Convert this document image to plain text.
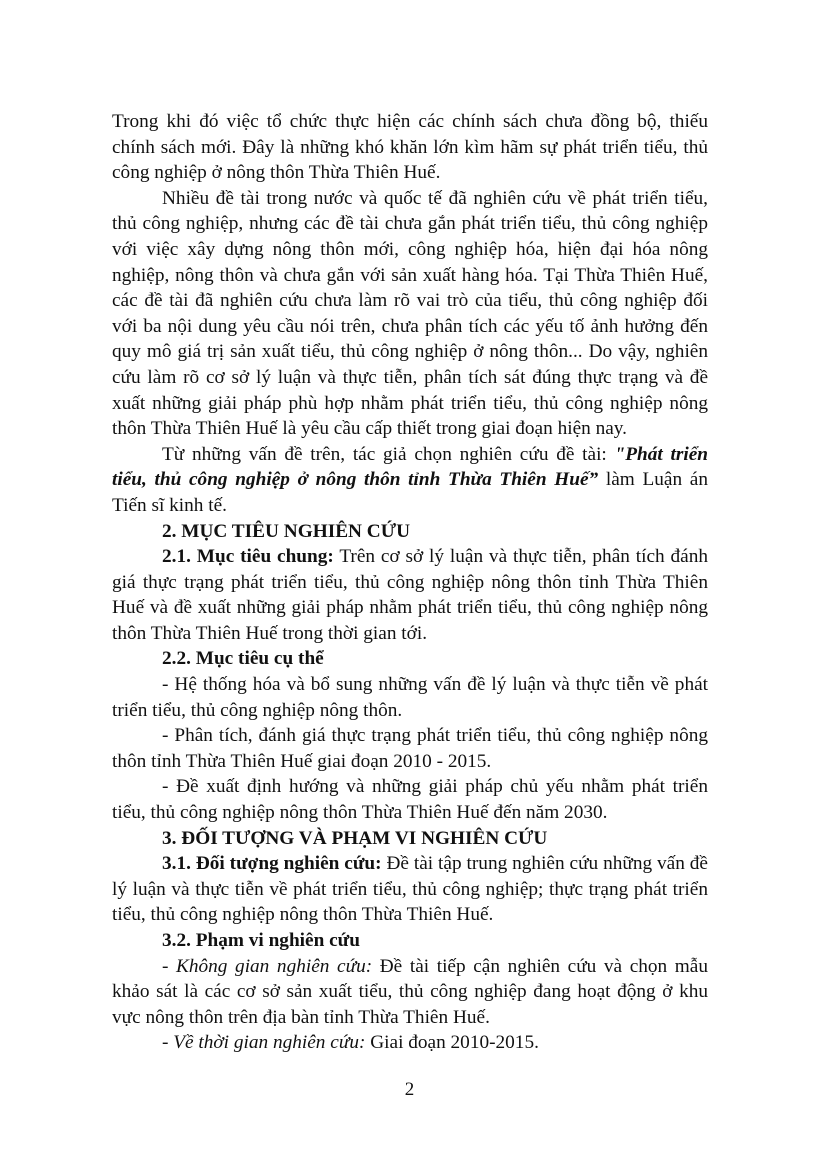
Trong khi đó việc tổ chức thực hiện các chính sách chưa đồng bộ, thiếu chính sách mới. Đây là những khó khăn lớn kìm hãm sự phát triển tiểu, thủ công nghiệp ở nông thôn Thừa Thiên Huế.

Nhiều đề tài trong nước và quốc tế đã nghiên cứu về phát triển tiểu, thủ công nghiệp, nhưng các đề tài chưa gắn phát triển tiểu, thủ công nghiệp với việc xây dựng nông thôn mới, công nghiệp hóa, hiện đại hóa nông nghiệp, nông thôn và chưa gắn với sản xuất hàng hóa. Tại Thừa Thiên Huế, các đề tài đã nghiên cứu chưa làm rõ vai trò của tiểu, thủ công nghiệp đối với ba nội dung yêu cầu nói trên, chưa phân tích các yếu tố ảnh hưởng đến quy mô giá trị sản xuất tiểu, thủ công nghiệp ở nông thôn... Do vậy, nghiên cứu làm rõ cơ sở lý luận và thực tiễn, phân tích sát đúng thực trạng và đề xuất những giải pháp phù hợp nhằm phát triển tiểu, thủ công nghiệp nông thôn Thừa Thiên Huế là yêu cầu cấp thiết trong giai đoạn hiện nay.

Từ những vấn đề trên, tác giả chọn nghiên cứu đề tài: "Phát triển tiểu, thủ công nghiệp ở nông thôn tỉnh Thừa Thiên Huế” làm Luận án Tiến sĩ kinh tế.

2. MỤC TIÊU NGHIÊN CỨU

2.1. Mục tiêu chung: Trên cơ sở lý luận và thực tiễn, phân tích đánh giá thực trạng phát triển tiểu, thủ công nghiệp nông thôn tỉnh Thừa Thiên Huế và đề xuất những giải pháp nhằm phát triển tiểu, thủ công nghiệp nông thôn Thừa Thiên Huế trong thời gian tới.

2.2. Mục tiêu cụ thể

- Hệ thống hóa và bổ sung những vấn đề lý luận và thực tiễn về phát triển tiểu, thủ công nghiệp nông thôn.

- Phân tích, đánh giá thực trạng phát triển tiểu, thủ công nghiệp nông thôn tỉnh Thừa Thiên Huế giai đoạn 2010 - 2015.

- Đề xuất định hướng và những giải pháp chủ yếu nhằm phát triển tiểu, thủ công nghiệp nông thôn Thừa Thiên Huế đến năm 2030.

3. ĐỐI TƯỢNG VÀ PHẠM VI NGHIÊN CỨU

3.1. Đối tượng nghiên cứu: Đề tài tập trung nghiên cứu những vấn đề lý luận và thực tiễn về phát triển tiểu, thủ công nghiệp; thực trạng phát triển tiểu, thủ công nghiệp nông thôn Thừa Thiên Huế.

3.2. Phạm vi nghiên cứu

- Không gian nghiên cứu: Đề tài tiếp cận nghiên cứu và chọn mẫu khảo sát là các cơ sở sản xuất tiểu, thủ công nghiệp đang hoạt động ở khu vực nông thôn trên địa bàn tỉnh Thừa Thiên Huế.

- Về thời gian nghiên cứu: Giai đoạn 2010-2015.

2
